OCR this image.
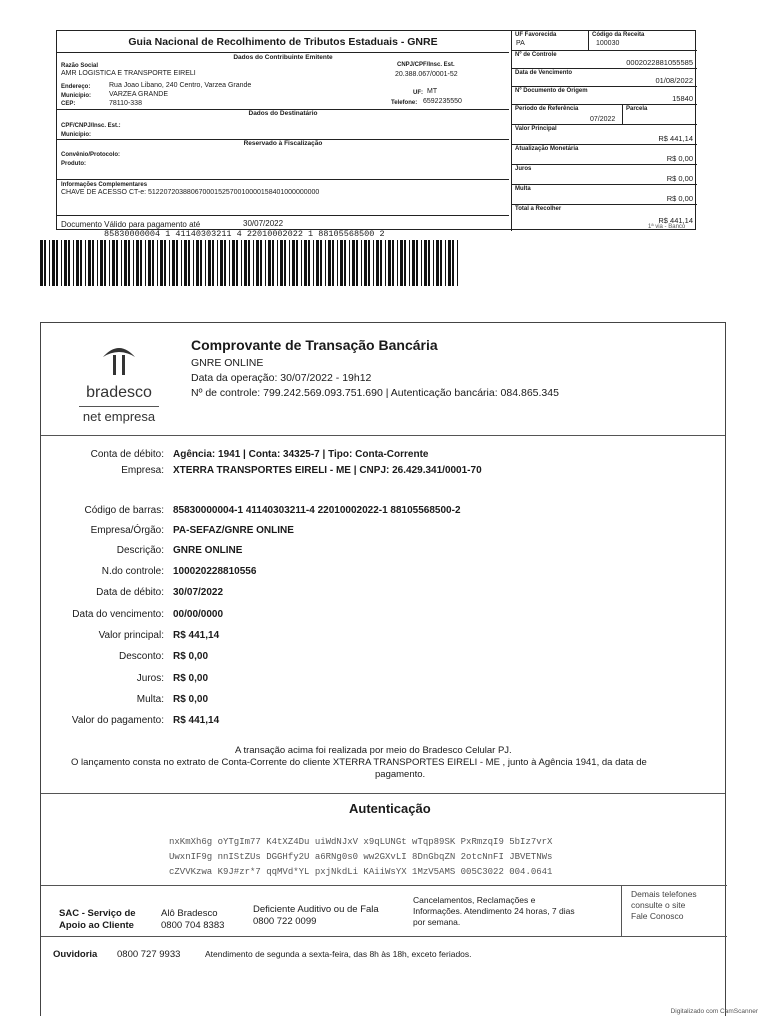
Guia Nacional de Recolhimento de Tributos Estaduais - GNRE
Dados do Contribuinte Emitente
Razão Social
AMR LOGISTICA E TRANSPORTE EIRELI
CNPJ/CPF/Insc. Est.
20.388.067/0001-52
Endereço:	Rua Joao Libano, 240 Centro, Varzea Grande
Município:	VARZEA GRANDE	UF: MT
CEP:	78110-338	Telefone: 6592235550
Dados do Destinatário
CPF/CNPJ/Insc. Est.:
Município:
Reservado à Fiscalização
Convênio/Protocolo:
Produto:
Informações Complementares
CHAVE DE ACESSO CT-e: 51220720388067000152570010000158401000000000
Documento Válido para pagamento até	30/07/2022
UF Favorecida
PA
Código da Receita
100030
Nº de Controle
0002022881055585
Data de Vencimento
01/08/2022
Nº Documento de Origem
15840
Período de Referência
07/2022
Parcela
Valor Principal
R$ 441,14
Atualização Monetária
R$ 0,00
Juros
R$ 0,00
Multa
R$ 0,00
Total a Recolher
R$ 441,14
1ª via - Banco
85830000004 1 41140303211 4 22010002022 1 88105568500 2
bradesco
net empresa
Comprovante de Transação Bancária
GNRE ONLINE
Data da operação: 30/07/2022 - 19h12
Nº de controle: 799.242.569.093.751.690 | Autenticação bancária: 084.865.345
Conta de débito: Agência: 1941 | Conta: 34325-7 | Tipo: Conta-Corrente
Empresa: XTERRA TRANSPORTES EIRELI - ME | CNPJ: 26.429.341/0001-70
Código de barras: 85830000004-1 41140303211-4 22010002022-1 88105568500-2
Empresa/Órgão: PA-SEFAZ/GNRE ONLINE
Descrição: GNRE ONLINE
N.do controle: 100020228810556
Data de débito: 30/07/2022
Data do vencimento: 00/00/0000
Valor principal: R$ 441,14
Desconto: R$ 0,00
Juros: R$ 0,00
Multa: R$ 0,00
Valor do pagamento: R$ 441,14
A transação acima foi realizada por meio do Bradesco Celular PJ.
O lançamento consta no extrato de Conta-Corrente do cliente XTERRA TRANSPORTES EIRELI - ME , junto à Agência 1941, da data de
pagamento.
Autenticação
nxKmXh6g oYTgIm77 K4tXZ4Du uiWdNJxV x9qLUNGt wTqp89SK PxRmzqI9 5bIz7vrX
UwxnIF9g nnIStZUs DGGHfy2U a6RNg0s0 ww2GXvLI 8DnGbqZN 2otcNnFI JBVETNWs
cZVVKzwa K9J#zr*7 qqMVd*YL pxjNkdLi KAiiWsYX 1MzV5AMS 005C3022 004.0641
SAC - Serviço de
Apoio ao Cliente
Alô Bradesco
0800 704 8383
Deficiente Auditivo ou de Fala
0800 722 0099
Cancelamentos, Reclamações e
Informações. Atendimento 24 horas, 7 dias
por semana.
Demais telefones
consulte o site
Fale Conosco
Ouvidoria 0800 727 9933	Atendimento de segunda a sexta-feira, das 8h às 18h, exceto feriados.
Digitalizado com CamScanner
